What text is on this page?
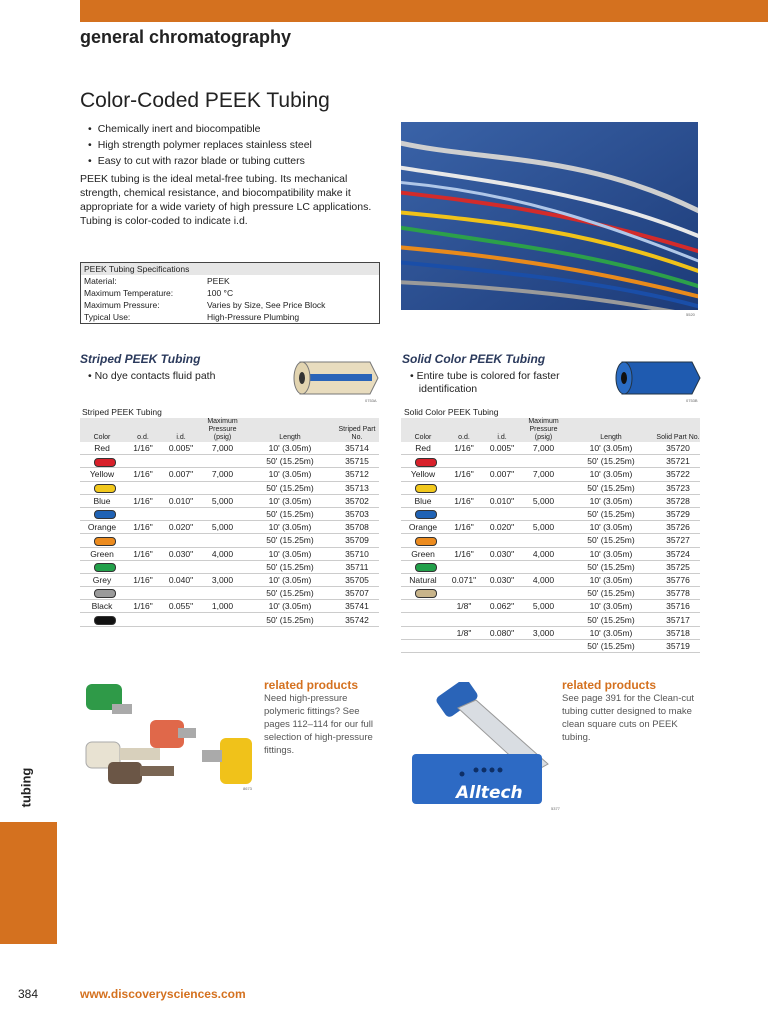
general chromatography
Color-Coded PEEK Tubing
• Chemically inert and biocompatible
• High strength polymer replaces stainless steel
• Easy to cut with razor blade or tubing cutters
PEEK tubing is the ideal metal-free tubing. Its mechanical strength, chemical resistance, and biocompatibility make it appropriate for a wide variety of high pressure LC applications. Tubing is color-coded to indicate i.d.
5520
PEEK Tubing Specifications	
Material:	PEEK
Maximum Temperature:	100 °C
Maximum Pressure:	Varies by Size, See Price Block
Typical Use:	High-Pressure Plumbing
Striped PEEK Tubing
• No dye contacts fluid path
0753A
Striped PEEK Tubing
Color	o.d.	i.d.	Maximum Pressure (psig)	Length	Striped Part No.
Red	1/16"	0.005"	7,000	10' (3.05m)	35714
				50' (15.25m)	35715
Yellow	1/16"	0.007"	7,000	10' (3.05m)	35712
				50' (15.25m)	35713
Blue	1/16"	0.010"	5,000	10' (3.05m)	35702
				50' (15.25m)	35703
Orange	1/16"	0.020"	5,000	10' (3.05m)	35708
				50' (15.25m)	35709
Green	1/16"	0.030"	4,000	10' (3.05m)	35710
				50' (15.25m)	35711
Grey	1/16"	0.040"	3,000	10' (3.05m)	35705
				50' (15.25m)	35707
Black	1/16"	0.055"	1,000	10' (3.05m)	35741
				50' (15.25m)	35742
Solid Color PEEK Tubing
• Entire tube is colored for faster
identification
0753B
Solid Color PEEK Tubing
Color	o.d.	i.d.	Maximum Pressure (psig)	Length	Solid Part No.
Red	1/16"	0.005"	7,000	10' (3.05m)	35720
				50' (15.25m)	35721
Yellow	1/16"	0.007"	7,000	10' (3.05m)	35722
				50' (15.25m)	35723
Blue	1/16"	0.010"	5,000	10' (3.05m)	35728
				50' (15.25m)	35729
Orange	1/16"	0.020"	5,000	10' (3.05m)	35726
				50' (15.25m)	35727
Green	1/16"	0.030"	4,000	10' (3.05m)	35724
				50' (15.25m)	35725
Natural	0.071"	0.030"	4,000	10' (3.05m)	35776
				50' (15.25m)	35778
	1/8"	0.062"	5,000	10' (3.05m)	35716
				50' (15.25m)	35717
	1/8"	0.080"	3,000	10' (3.05m)	35718
				50' (15.25m)	35719
8673
related products
Need high-pressure polymeric fittings? See pages 112–114 for our full selection of high-pressure fittings.
Alltech
5377
related products
See page 391 for the Clean-cut tubing cutter designed to make clean square cuts on PEEK tubing.
tubing
384	www.discoverysciences.com
